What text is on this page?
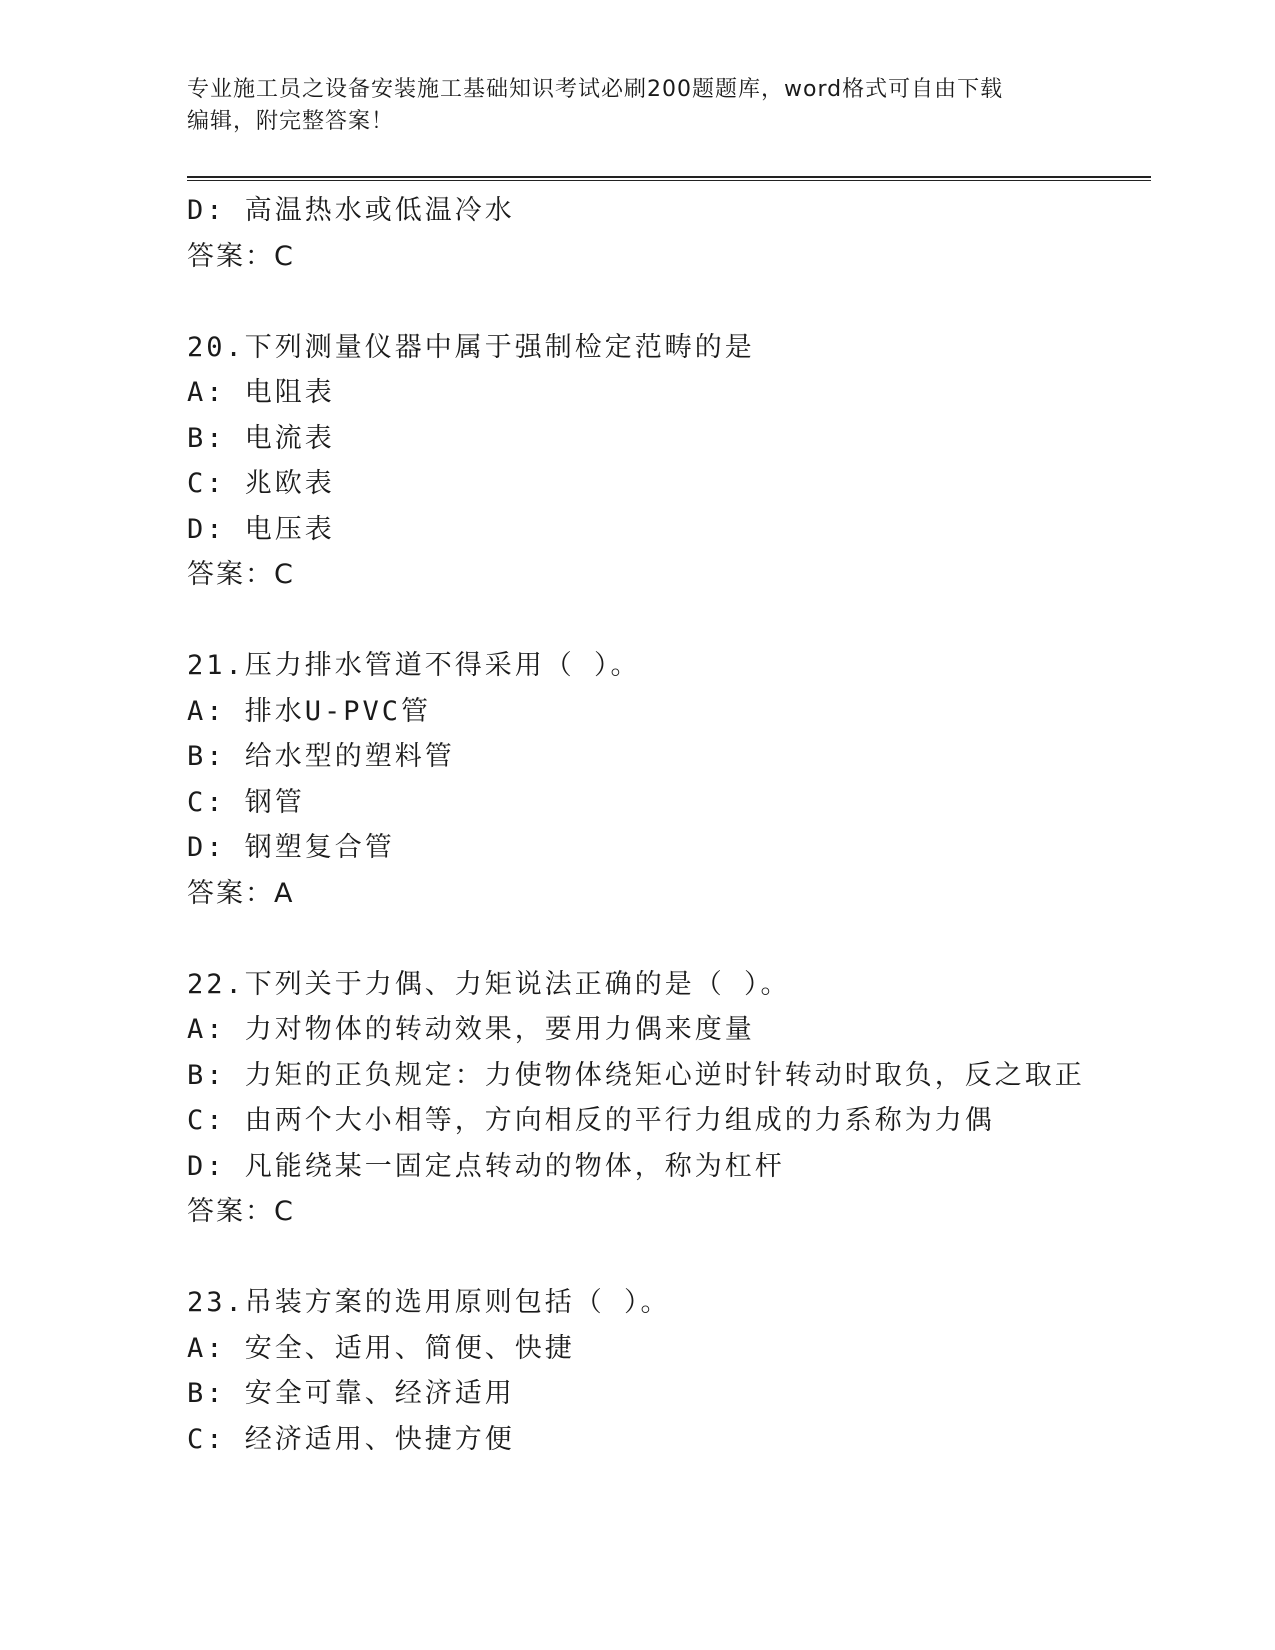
专业施工员之设备安装施工基础知识考试必刷200题题库，word格式可自由下载
编辑，附完整答案！
D: 高温热水或低温冷水
答案：C
20.下列测量仪器中属于强制检定范畴的是
A: 电阻表
B: 电流表
C: 兆欧表
D: 电压表
答案：C
21.压力排水管道不得采用（ ）。
A: 排水U-PVC管
B: 给水型的塑料管
C: 钢管
D: 钢塑复合管
答案：A
22.下列关于力偶、力矩说法正确的是（ ）。
A: 力对物体的转动效果，要用力偶来度量
B: 力矩的正负规定：力使物体绕矩心逆时针转动时取负，反之取正
C: 由两个大小相等，方向相反的平行力组成的力系称为力偶
D: 凡能绕某一固定点转动的物体，称为杠杆
答案：C
23.吊装方案的选用原则包括（ ）。
A: 安全、适用、简便、快捷
B: 安全可靠、经济适用
C: 经济适用、快捷方便
